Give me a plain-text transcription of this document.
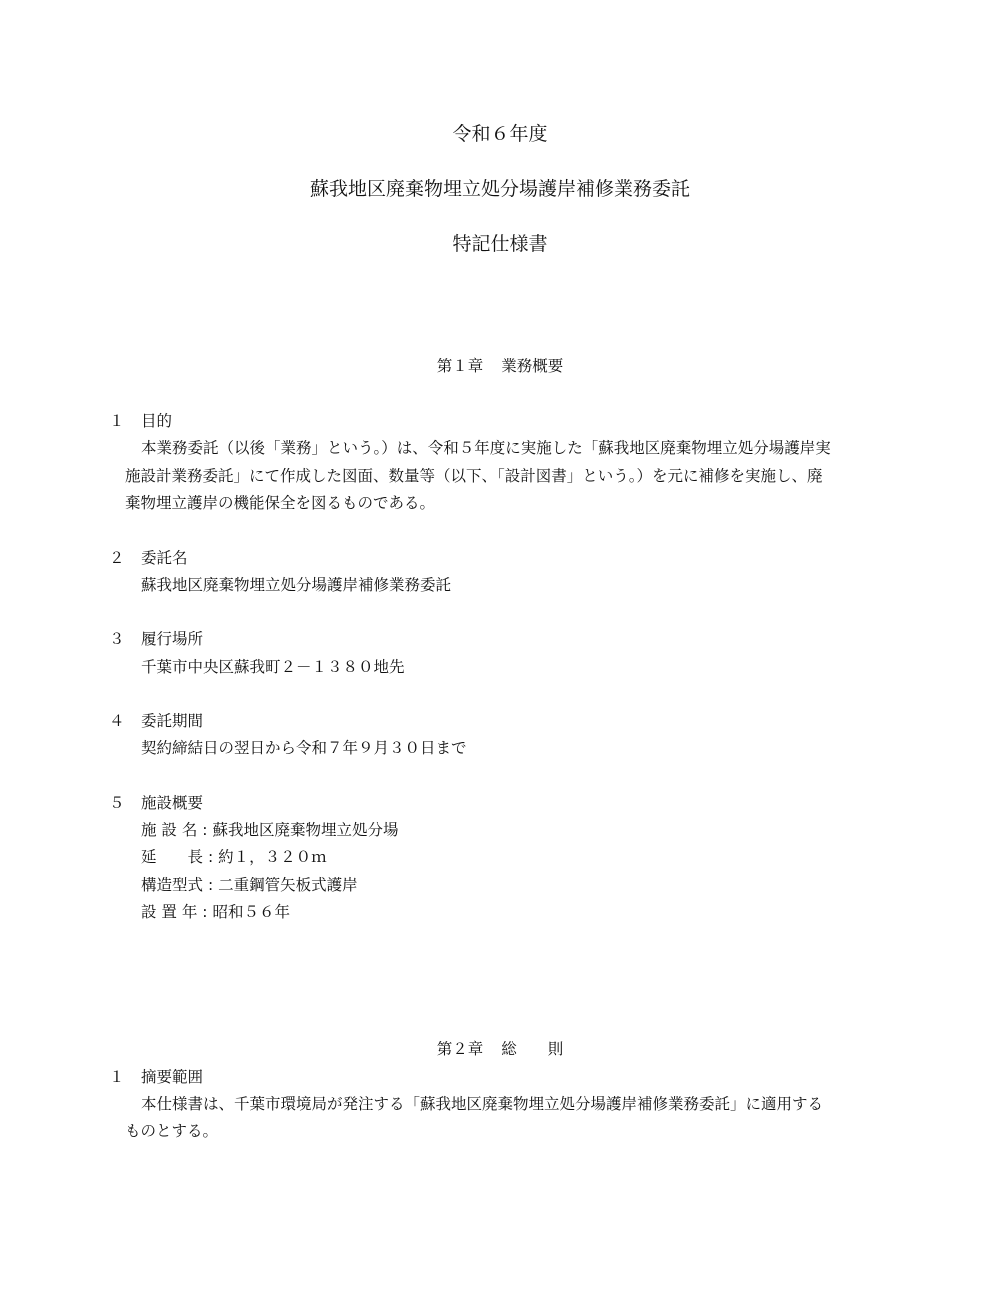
令和６年度
蘇我地区廃棄物埋立処分場護岸補修業務委託
特記仕様書
第１章 業務概要
１ 目的
本業務委託（以後「業務」という。）は、令和５年度に実施した「蘇我地区廃棄物埋立処分場護岸実
施設計業務委託」にて作成した図面、数量等（以下、「設計図書」という。）を元に補修を実施し、廃
棄物埋立護岸の機能保全を図るものである。
２ 委託名
蘇我地区廃棄物埋立処分場護岸補修業務委託
３ 履行場所
千葉市中央区蘇我町２－１３８０地先
４ 委託期間
契約締結日の翌日から令和７年９月３０日まで
５ 施設概要
施 設 名 : 蘇我地区廃棄物埋立処分場
延　　長 : 約１，３２０ｍ
構造型式 : 二重鋼管矢板式護岸
設 置 年 : 昭和５６年
第２章 総　　則
１ 摘要範囲
本仕様書は、千葉市環境局が発注する「蘇我地区廃棄物埋立処分場護岸補修業務委託」に適用する
ものとする。
